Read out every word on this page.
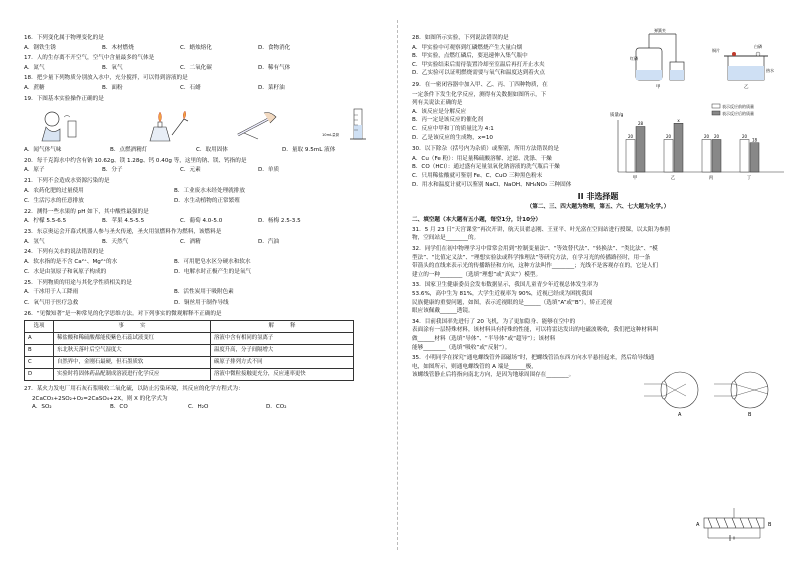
16．下列变化属于物理变化的是
A．钢铁生锈	B．木材燃烧	C．蜡烛熔化	D．食物消化
17．人的生存离不开空气，空气中含量最多的气体是
A．氮气	B．氧气	C．二氧化碳	D．稀有气体
18．把少量下列物质分别放入水中，充分搅拌，可以得到溶液的是
A．蔗糖	B．面粉	C．石蜡	D．菜籽油
19．下图基本实验操作正确的是
10mL量筒
A．闻气体气味	B．点燃酒精灯	C．取用固体	D．量取 9.5mL 液体
20．每千克海水中约含有钠 10.62g、镁 1.28g、钙 0.40g 等，这里的钠、镁、钙指的是
A．原子	B．分子	C．元素	D．单质
21．下列不会造成水资源污染的是
A．农药化肥的过量使用	B．工业废水未经处理就排放
C．生活污水的任意排放	D．水生动植物的正常繁殖
22．测得一些水果的 pH 如下，其中酸性最强的是
A．柠檬 5.5-6.5	B．苹果 4.5-5.5	C．葡萄 4.0-5.0	D．杨梅 2.5-3.5
23．东京奥运会开幕式机器人参与圣火传递，圣火用氢燃料作为燃料，该燃料是
A．氢气	B．天然气	C．酒精	D．汽油
24．下列有关水的说法错误的是
A．软水指的是不含 Ca²⁺、Mg²⁺的水	B．可用肥皂水区分硬水和软水
C．水是由氢原子和氧原子构成的	D．电解水时正极产生的是氧气
25．下列物质的用途与其化学性质相关的是
A．干冰用于人工降雨	B．活性炭用于吸附色素
C．氧气用于医疗急救	D．铜丝用于制作导线
26．“见微知著”是一种常见的化学思维方法。对下列事实的微观解释不正确的是
选项	事　　　实	解　　　释
A	稀盐酸和稀硫酸都能使紫色石蕊试液变红	溶液中含有相同的氢离子
B	东北秋天落叶后空气湿度大	温度升高，分子间隔增大
C	自然界中，金刚石最硬，但石墨质软	碳原子排列方式不同
D	实验时将固体药品配制成溶液进行化学反应	溶液中微粒接触更充分，反应速率更快
27．某火力发电厂用石灰石浆吸收二氧化硫，以防止污染环境，其反应的化学方程式为：
2CaCO₃+2SO₂+O₂=2CaSO₄+2X，则 X 的化学式为
A．SO₂	B．CO	C．H₂O	D．CO₂
28．如图所示实验，下列说法错误的是
A．甲实验中可观察到红磷燃烧产生大量白烟
B．甲实验，点燃红磷后，要迅速伸入集气瓶中
C．甲实验结束后需待装置冷却至室温后再打开止水夹
D．乙实验可以证明燃烧需要与氧气和温度达到着火点
29．在一密闭容器中加入甲、乙、丙、丁四种物质，在
一定条件下发生化学反应，测得有关数据如图所示，下
列有关说法正确的是
A．该反应是分解反应
B．丙一定是该反应的催化剂
C．反应中甲和丁的质量比为 4:1
D．乙是该反应的生成物，x=10
30．以下除杂（括号内为杂质）或鉴别，所用方法错误的是
A．Cu（Fe 粉）：用足量稀硫酸溶解、过滤、洗涤、干燥
B．CO（HCl）：通过盛有足量氢氧化钠溶液的洗气瓶后干燥
C．只用稀盐酸就可鉴别 Fe、C、CuO 三种黑色粉末
D．用水和温度计就可以鉴别 NaCl、NaOH、NH₄NO₃ 三种固体
II 非选择题
（第二、三、四大题为物理，第五、六、七大题为化学。）
二、填空题（本大题有五小题，每空1分，计10分）
31．5 月 23 日“天宫课堂”再次开讲，航天员翟志刚、王亚平、叶光富在空间站进行授课，以太阳为参照
物，空间站是________的。
32．同学们在初中物理学习中常常会用到“控制变量法”、“等效替代法”、“转换法”、“类比法”、“模
型法”、“比值定义法”、“理想实验法或科学推理法”等研究方法，在学习光的传播路径时，用一条
带箭头的直线来表示光的传播路径和方向，这种方法叫作________；光线不是客观存在的，它是人们
建立的一种________（选填“理想”或“真实”）模型。
33．国家卫生健康委员会发布数据显示，我国儿童青少年近视总体发生率为
53.6%，高中生为 81%，大学生近视率为 90%，近视已经成为困扰我国
民族健康的重要问题，如图，表示近视眼的是______（选填“A”或“B”），矫正近视
眼应该佩戴______透镜。
34．目前我国率先进行了 20 飞机，为了更加隐身、能够在空中的
表面涂有一层特殊材料，该材料具有特殊的性能，可以将雷达发出的电磁波吸收，我们把这种材料叫做______材料（选填“导体”、“半导体”或“超导”）；该材料
能够________（选填“吸收”或“反射”）。
35．小明同学在探究“通电螺线管外部磁场”时，把螺线管沿东西方向水平悬挂起来，然后给导线通
电，如图所示，则通电螺线管的 A 端是______极，
该螺线管静止后将指向南北方向，是因为地球周围存在________。
弹簧夹
红磷
热水
白磷
铜片
甲	乙
质量/g
20
28
20
x
20 20	20
18
甲	乙	丙	丁
表示反应前的质量
表示反应后的质量
A	B
A	B
